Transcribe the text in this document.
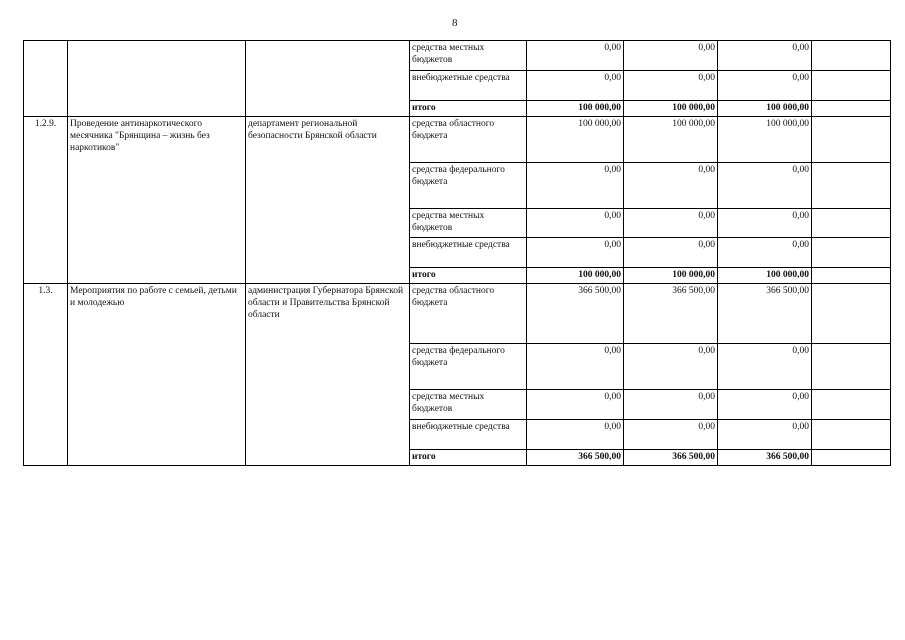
8
			средства местных бюджетов	0,00	0,00	0,00	
			внебюджетные средства	0,00	0,00	0,00	
			итого	100 000,00	100 000,00	100 000,00	
1.2.9.	Проведение антинаркотического месячника "Брянщина – жизнь без наркотиков"	департамент региональной безопасности Брянской области	средства областного бюджета	100 000,00	100 000,00	100 000,00	
			средства федерального бюджета	0,00	0,00	0,00	
			средства местных бюджетов	0,00	0,00	0,00	
			внебюджетные средства	0,00	0,00	0,00	
			итого	100 000,00	100 000,00	100 000,00	
1.3.	Мероприятия по работе с семьей, детьми и молодежью	администрация Губернатора Брянской области и Правительства Брянской области	средства областного бюджета	366 500,00	366 500,00	366 500,00	
			средства федерального бюджета	0,00	0,00	0,00	
			средства местных бюджетов	0,00	0,00	0,00	
			внебюджетные средства	0,00	0,00	0,00	
			итого	366 500,00	366 500,00	366 500,00	
